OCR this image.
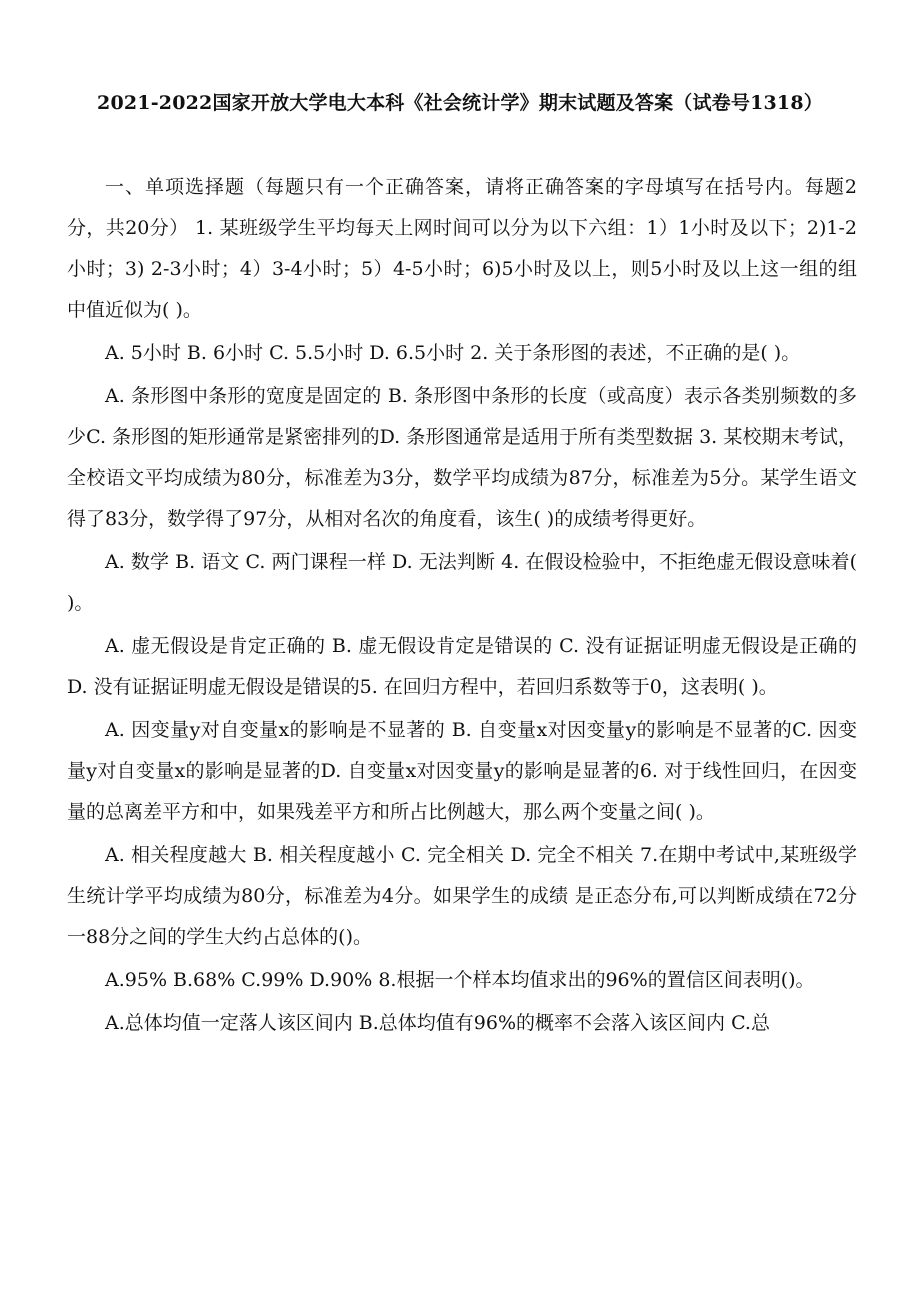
2021-2022国家开放大学电大本科《社会统计学》期末试题及答案（试卷号1318）

一、单项选择题（每题只有一个正确答案，请将正确答案的字母填写在括号内。每题2分，共20分） 1. 某班级学生平均每天上网时间可以分为以下六组：1）1小时及以下；2)1-2小时；3) 2-3小时；4）3-4小时；5）4-5小时；6)5小时及以上，则5小时及以上这一组的组中值近似为( )。

A. 5小时 B. 6小时 C. 5.5小时 D. 6.5小时 2. 关于条形图的表述，不正确的是( )。

A. 条形图中条形的宽度是固定的 B. 条形图中条形的长度（或高度）表示各类别频数的多少C. 条形图的矩形通常是紧密排列的D. 条形图通常是适用于所有类型数据 3. 某校期末考试，全校语文平均成绩为80分，标准差为3分，数学平均成绩为87分，标准差为5分。某学生语文得了83分，数学得了97分，从相对名次的角度看，该生( )的成绩考得更好。

A. 数学 B. 语文 C. 两门课程一样 D. 无法判断 4. 在假设检验中，不拒绝虚无假设意味着( )。

A. 虚无假设是肯定正确的 B. 虚无假设肯定是错误的 C. 没有证据证明虚无假设是正确的D. 没有证据证明虚无假设是错误的5. 在回归方程中，若回归系数等于0，这表明( )。

A. 因变量y对自变量x的影响是不显著的 B. 自变量x对因变量y的影响是不显著的C. 因变量y对自变量x的影响是显著的D. 自变量x对因变量y的影响是显著的6. 对于线性回归，在因变量的总离差平方和中，如果残差平方和所占比例越大，那么两个变量之间( )。

A. 相关程度越大 B. 相关程度越小 C. 完全相关 D. 完全不相关 7.在期中考试中,某班级学生统计学平均成绩为80分，标准差为4分。如果学生的成绩 是正态分布,可以判断成绩在72分一88分之间的学生大约占总体的()。

A.95% B.68% C.99% D.90% 8.根据一个样本均值求出的96%的置信区间表明()。

A.总体均值一定落人该区间内 B.总体均值有96%的概率不会落入该区间内 C.总
